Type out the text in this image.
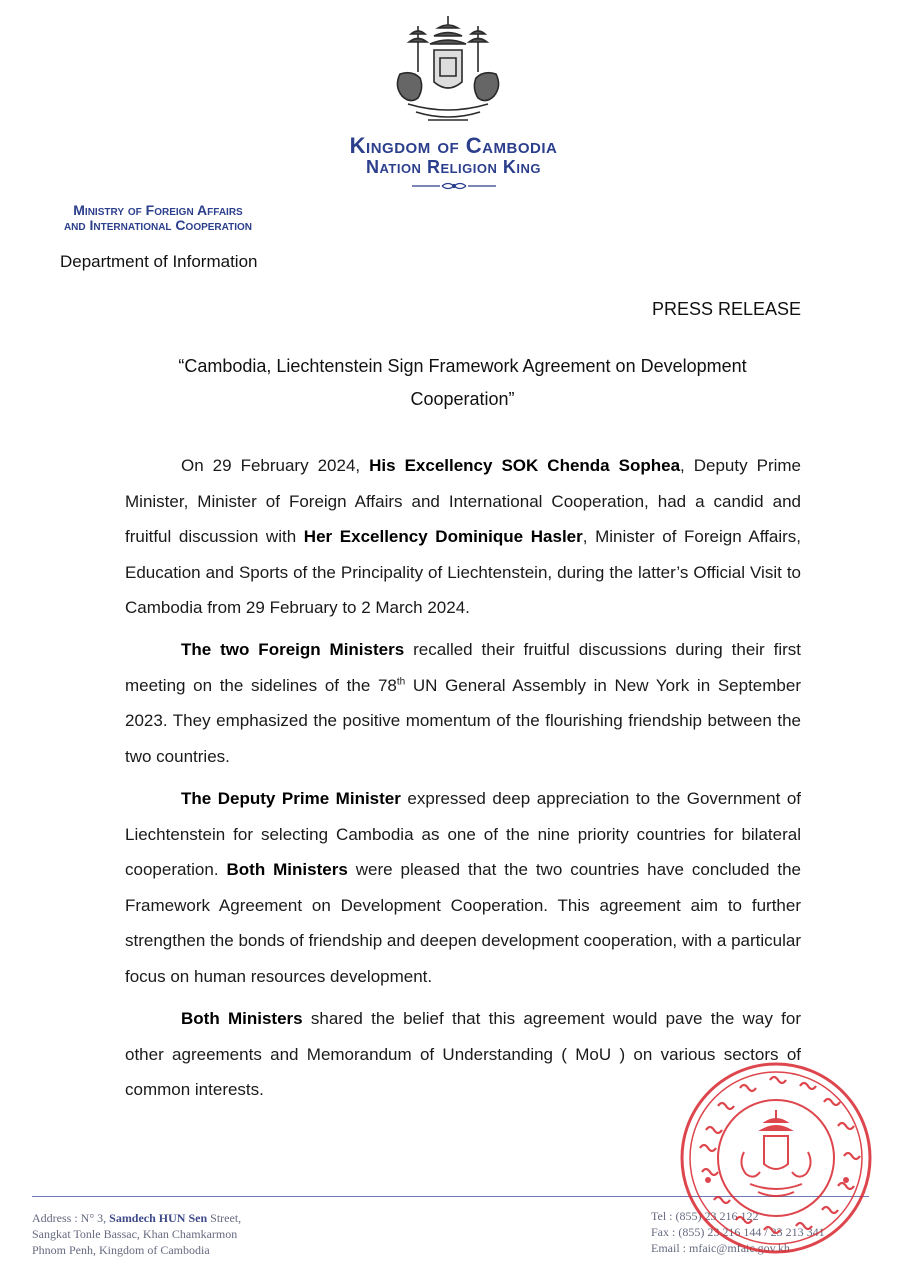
Kingdom of Cambodia
Nation Religion King
Ministry of Foreign Affairs
and International Cooperation
Department of Information
PRESS RELEASE
“Cambodia, Liechtenstein Sign Framework Agreement on Development Cooperation”
On 29 February 2024, His Excellency SOK Chenda Sophea, Deputy Prime Minister, Minister of Foreign Affairs and International Cooperation, had a candid and fruitful discussion with Her Excellency Dominique Hasler, Minister of Foreign Affairs, Education and Sports of the Principality of Liechtenstein, during the latter’s Official Visit to Cambodia from 29 February to 2 March 2024.
The two Foreign Ministers recalled their fruitful discussions during their first meeting on the sidelines of the 78th UN General Assembly in New York in September 2023. They emphasized the positive momentum of the flourishing friendship between the two countries.
The Deputy Prime Minister expressed deep appreciation to the Government of Liechtenstein for selecting Cambodia as one of the nine priority countries for bilateral cooperation. Both Ministers were pleased that the two countries have concluded the Framework Agreement on Development Cooperation. This agreement aim to further strengthen the bonds of friendship and deepen development cooperation, with a particular focus on human resources development.
Both Ministers shared the belief that this agreement would pave the way for other agreements and Memorandum of Understanding ( MoU ) on various sectors of common interests.
Address : N° 3, Samdech HUN Sen Street,
Sangkat Tonle Bassac, Khan Chamkarmon
Phnom Penh, Kingdom of Cambodia
Tel : (855) 23 216 122
Fax : (855) 23 216 144 / 23 213 341
Email : mfaic@mfaic.gov.kh
